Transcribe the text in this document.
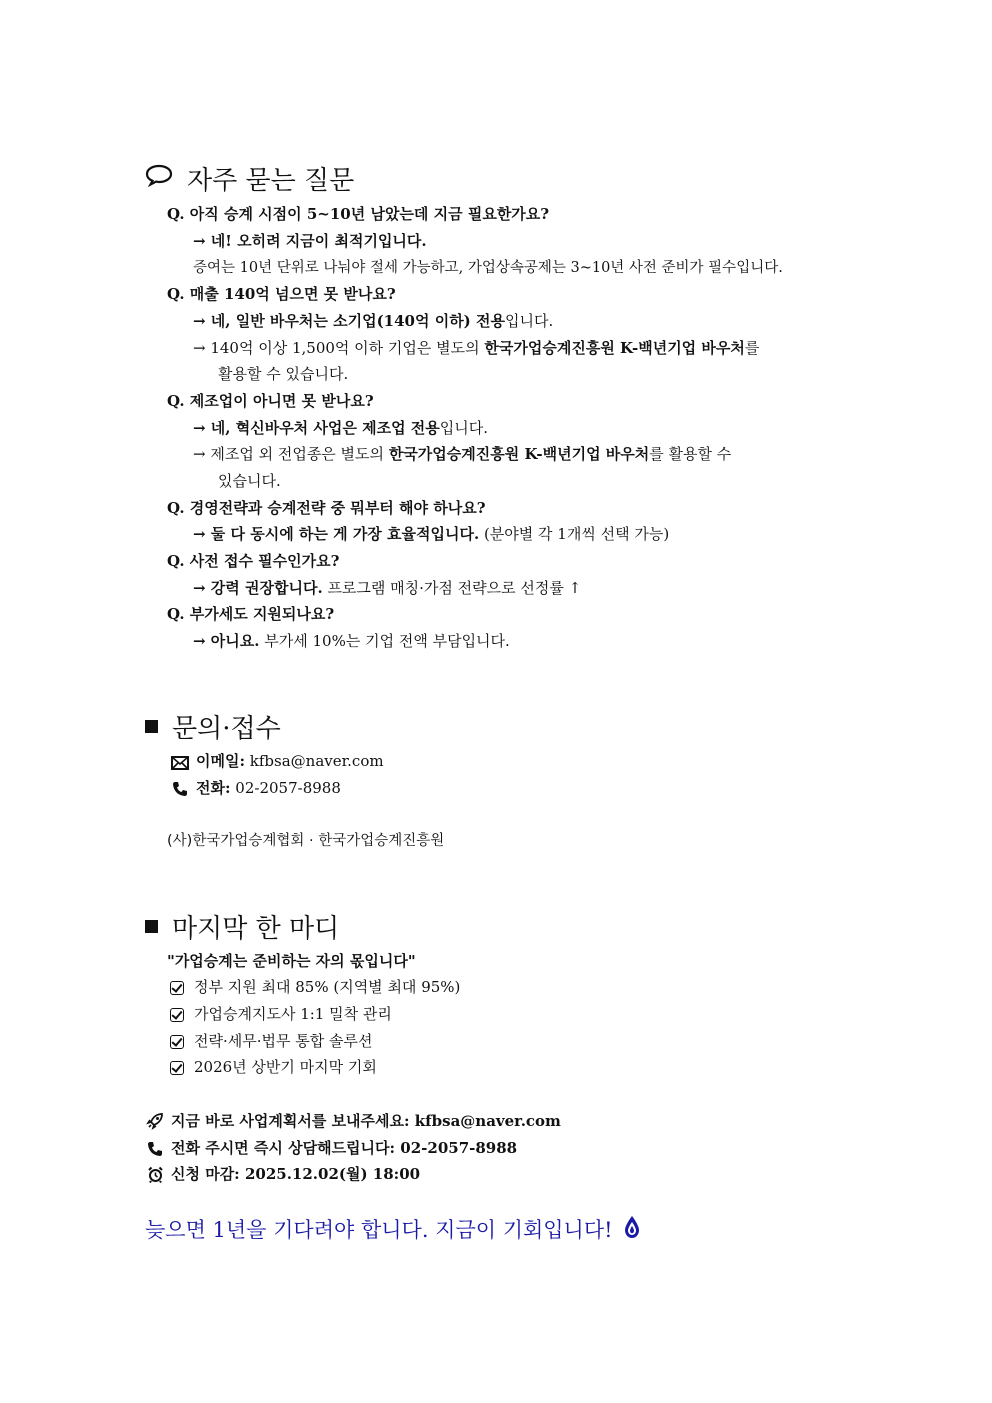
자주 묻는 질문
Q. 아직 승계 시점이 5~10년 남았는데 지금 필요한가요?
→ 네! 오히려 지금이 최적기입니다.
증여는 10년 단위로 나눠야 절세 가능하고, 가업상속공제는 3~10년 사전 준비가 필수입니다.
Q. 매출 140억 넘으면 못 받나요?
→ 네, 일반 바우처는 소기업(140억 이하) 전용입니다.
→ 140억 이상 1,500억 이하 기업은 별도의 한국가업승계진흥원 K-백년기업 바우처를
활용할 수 있습니다.
Q. 제조업이 아니면 못 받나요?
→ 네, 혁신바우처 사업은 제조업 전용입니다.
→ 제조업 외 전업종은 별도의 한국가업승계진흥원 K-백년기업 바우처를 활용할 수
있습니다.
Q. 경영전략과 승계전략 중 뭐부터 해야 하나요?
→ 둘 다 동시에 하는 게 가장 효율적입니다. (분야별 각 1개씩 선택 가능)
Q. 사전 접수 필수인가요?
→ 강력 권장합니다. 프로그램 매칭·가점 전략으로 선정률 ↑
Q. 부가세도 지원되나요?
→ 아니요. 부가세 10%는 기업 전액 부담입니다.
문의·접수
이메일: kfbsa@naver.com
전화: 02-2057-8988
(사)한국가업승계협회 · 한국가업승계진흥원
마지막 한 마디
"가업승계는 준비하는 자의 몫입니다"
정부 지원 최대 85% (지역별 최대 95%)
가업승계지도사 1:1 밀착 관리
전략·세무·법무 통합 솔루션
2026년 상반기 마지막 기회
지금 바로 사업계획서를 보내주세요: kfbsa@naver.com
전화 주시면 즉시 상담해드립니다: 02-2057-8988
신청 마감: 2025.12.02(월) 18:00
늦으면 1년을 기다려야 합니다. 지금이 기회입니다!
